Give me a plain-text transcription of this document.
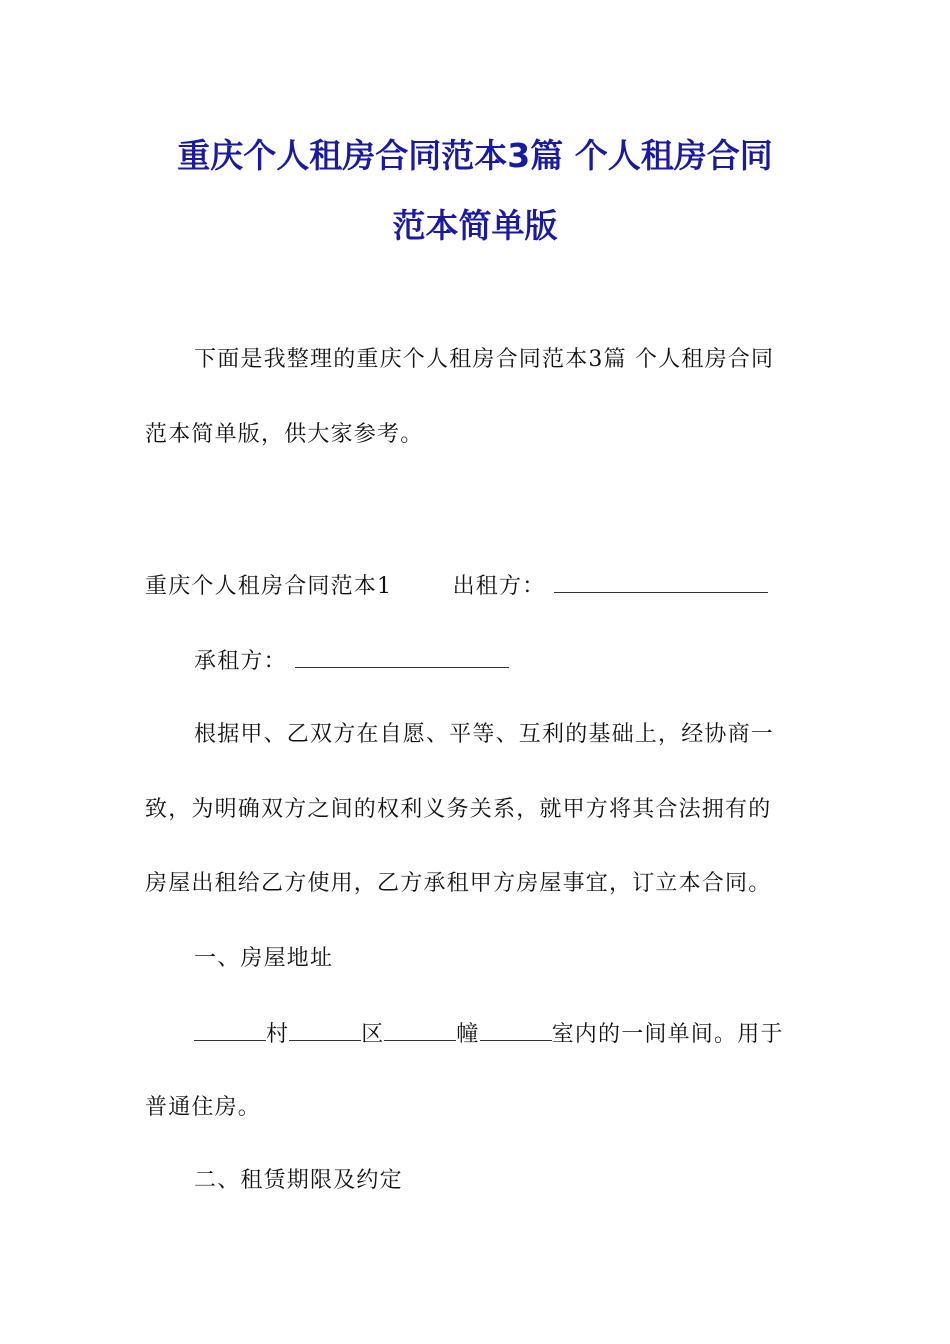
重庆个人租房合同范本3篇 个人租房合同
范本简单版
下面是我整理的重庆个人租房合同范本3篇 个人租房合同
范本简单版，供大家参考。
重庆个人租房合同范本1	出租方：
承租方：
根据甲、乙双方在自愿、平等、互利的基础上，经协商一
致，为明确双方之间的权利义务关系，就甲方将其合法拥有的
房屋出租给乙方使用，乙方承租甲方房屋事宜，订立本合同。
一、房屋地址
村	区	幢	室内的一间单间。用于
普通住房。
二、租赁期限及约定
